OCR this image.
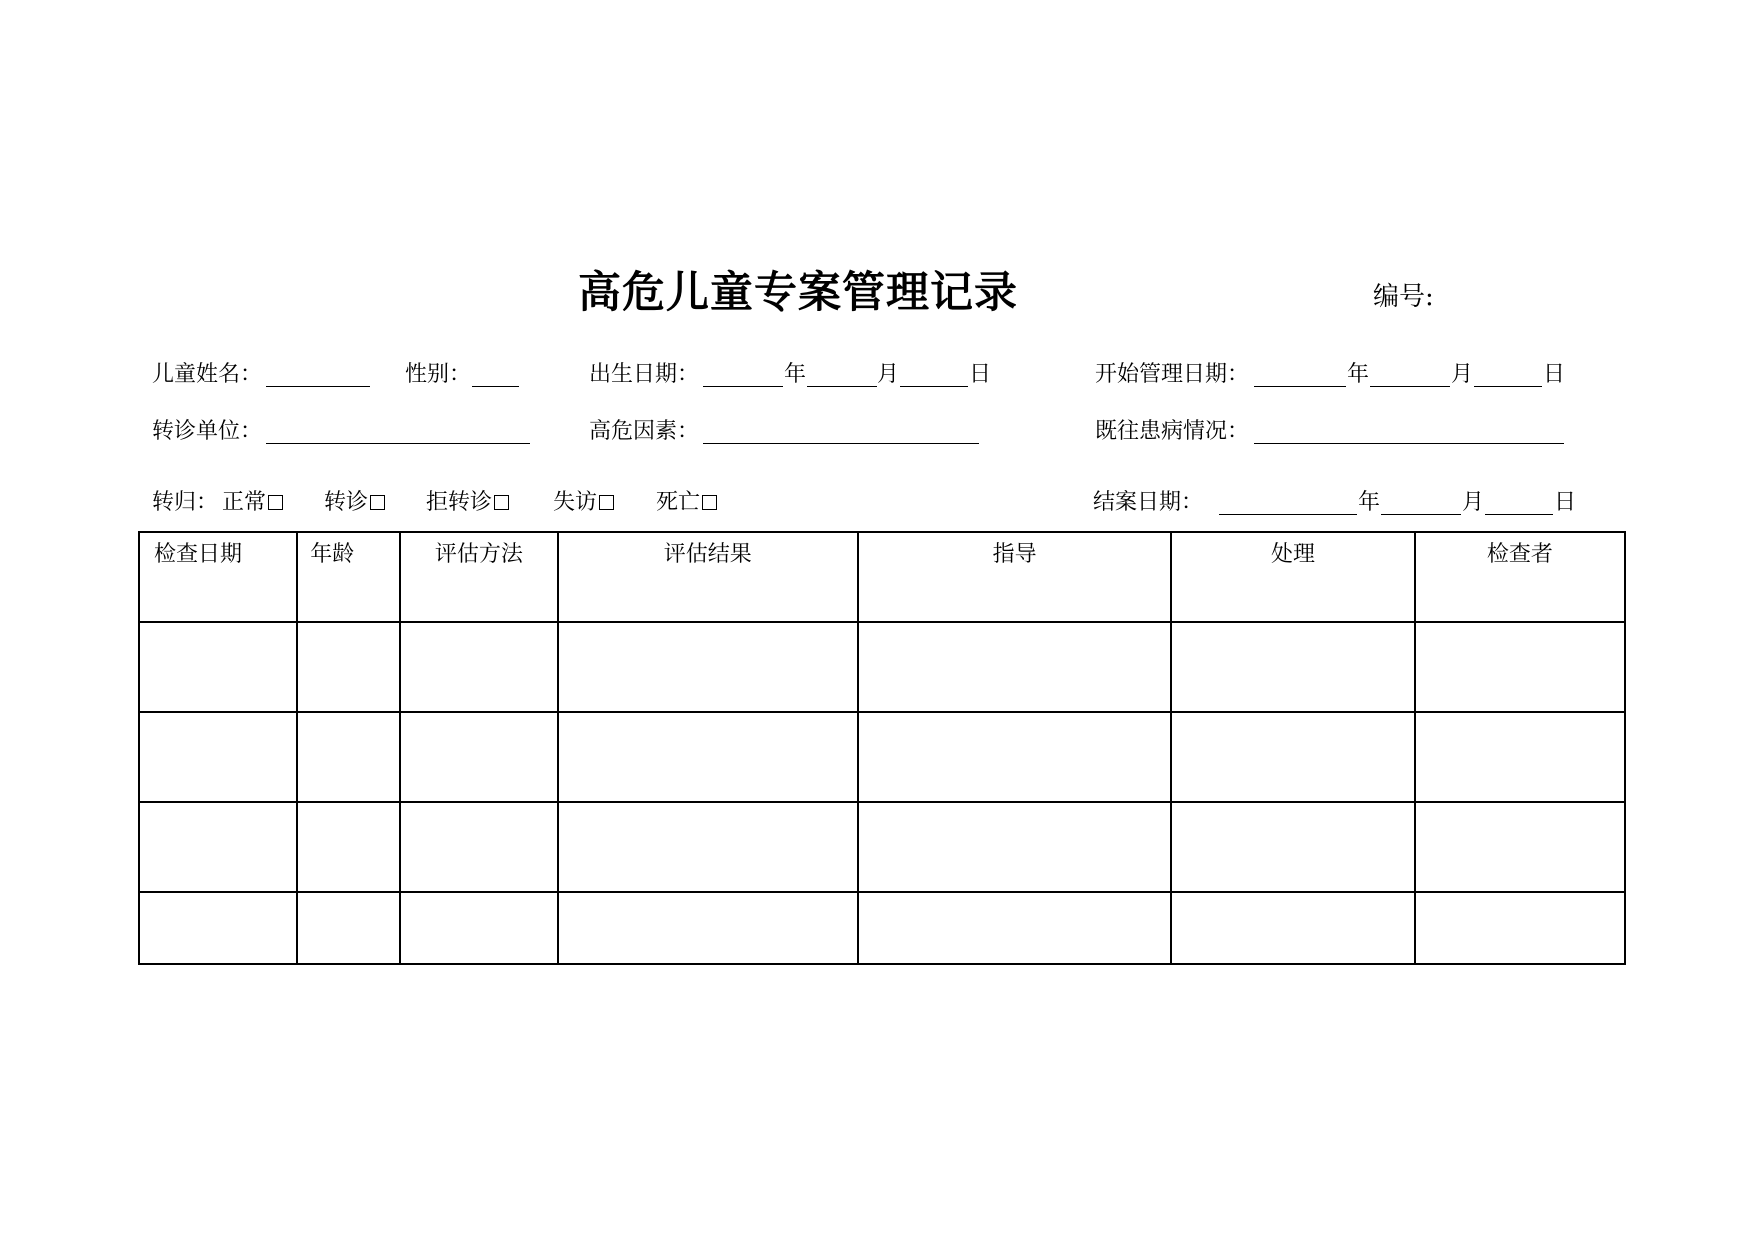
高危儿童专案管理记录	编号:
儿童姓名：	性别：	出生日期：	年	月	日	开始管理日期：	年	月	日
转诊单位：	高危因素：	既往患病情况：
转归： 正常	转诊	拒转诊	失访	死亡	结案日期：	年	月	日
检查日期	年龄	评估方法	评估结果	指导	处理	检查者
